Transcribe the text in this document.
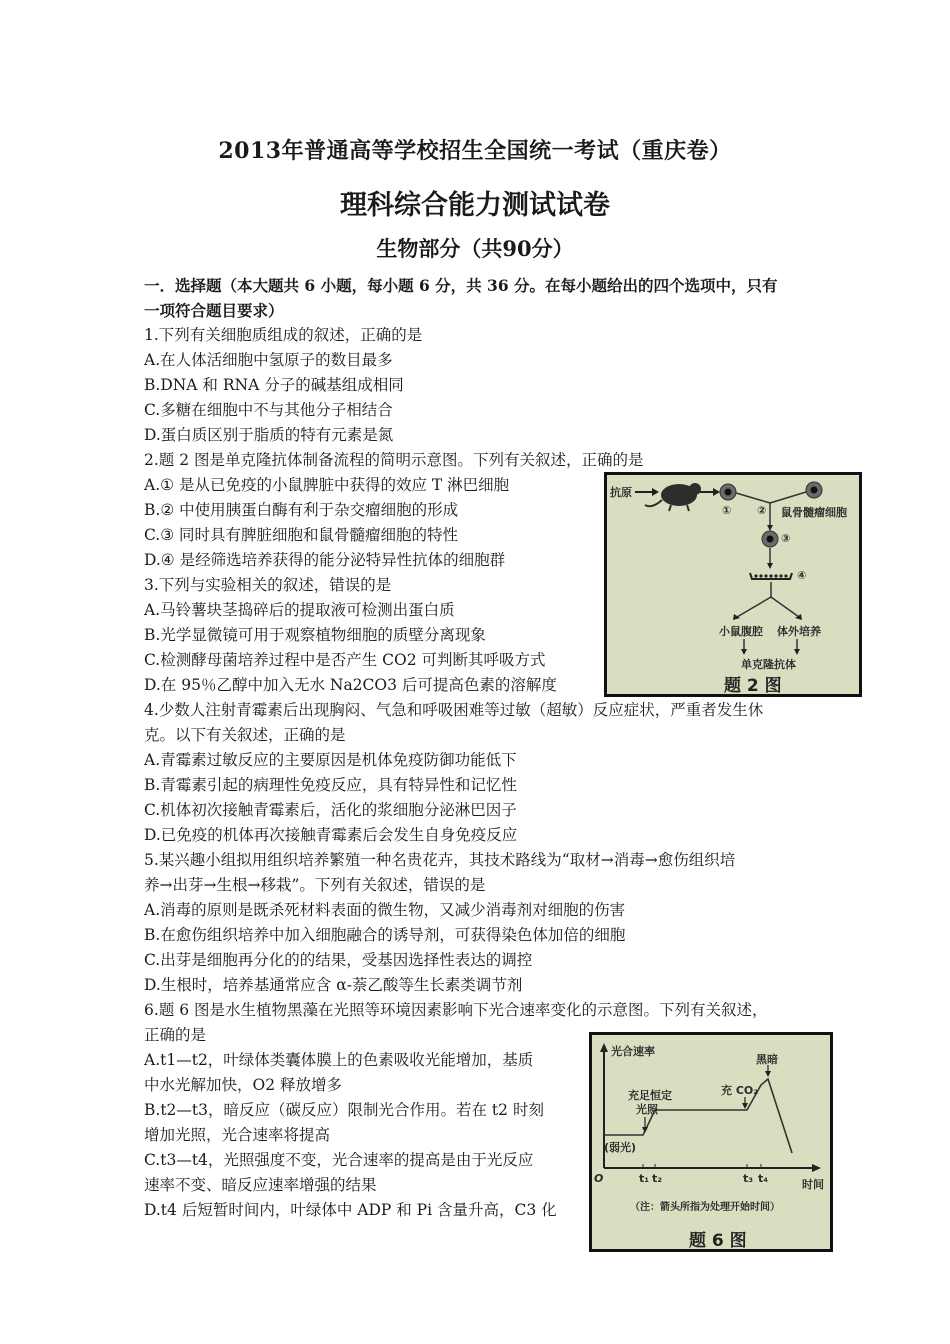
2013年普通高等学校招生全国统一考试（重庆卷）
理科综合能力测试试卷
生物部分（共90分）
一．选择题（本大题共 6 小题，每小题 6 分，共 36 分。在每小题给出的四个选项中，只有
一项符合题目要求）
1.下列有关细胞质组成的叙述，正确的是
A.在人体活细胞中氢原子的数目最多
B.DNA 和 RNA 分子的碱基组成相同
C.多糖在细胞中不与其他分子相结合
D.蛋白质区别于脂质的特有元素是氮
2.题 2 图是单克隆抗体制备流程的简明示意图。下列有关叙述，正确的是
A.① 是从已免疫的小鼠脾脏中获得的效应 T 淋巴细胞
B.② 中使用胰蛋白酶有利于杂交瘤细胞的形成
C.③ 同时具有脾脏细胞和鼠骨髓瘤细胞的特性
D.④ 是经筛选培养获得的能分泌特异性抗体的细胞群
3.下列与实验相关的叙述，错误的是
A.马铃薯块茎捣碎后的提取液可检测出蛋白质
B.光学显微镜可用于观察植物细胞的质壁分离现象
C.检测酵母菌培养过程中是否产生 CO2 可判断其呼吸方式
D.在 95％乙醇中加入无水 Na2CO3 后可提高色素的溶解度
4.少数人注射青霉素后出现胸闷、气急和呼吸困难等过敏（超敏）反应症状，严重者发生休
克。以下有关叙述，正确的是
A.青霉素过敏反应的主要原因是机体免疫防御功能低下
B.青霉素引起的病理性免疫反应，具有特异性和记忆性
C.机体初次接触青霉素后，活化的浆细胞分泌淋巴因子
D.已免疫的机体再次接触青霉素后会发生自身免疫反应
5.某兴趣小组拟用组织培养繁殖一种名贵花卉，其技术路线为“取材→消毒→愈伤组织培
养→出芽→生根→移栽”。下列有关叙述，错误的是
A.消毒的原则是既杀死材料表面的微生物，又减少消毒剂对细胞的伤害
B.在愈伤组织培养中加入细胞融合的诱导剂，可获得染色体加倍的细胞
C.出芽是细胞再分化的的结果，受基因选择性表达的调控
D.生根时，培养基通常应含 α-萘乙酸等生长素类调节剂
6.题 6 图是水生植物黑藻在光照等环境因素影响下光合速率变化的示意图。下列有关叙述，
正确的是
A.t1—t2，叶绿体类囊体膜上的色素吸收光能增加，基质
中水光解加快，O2 释放增多
B.t2—t3，暗反应（碳反应）限制光合作用。若在 t2 时刻
增加光照，光合速率将提高
C.t3—t4，光照强度不变，光合速率的提高是由于光反应
速率不变、暗反应速率增强的结果
D.t4 后短暂时间内，叶绿体中 ADP 和 Pi 含量升高，C3 化
抗原
① ② 鼠骨髓瘤细胞
③
④
小鼠腹腔 体外培养
单克隆抗体
题 2 图
光合速率
充足恒定
光照
(弱光)
充 CO₂
黑暗
O	t₁ t₂	t₃ t₄	时间
（注：箭头所指为处理开始时间）
题 6 图
